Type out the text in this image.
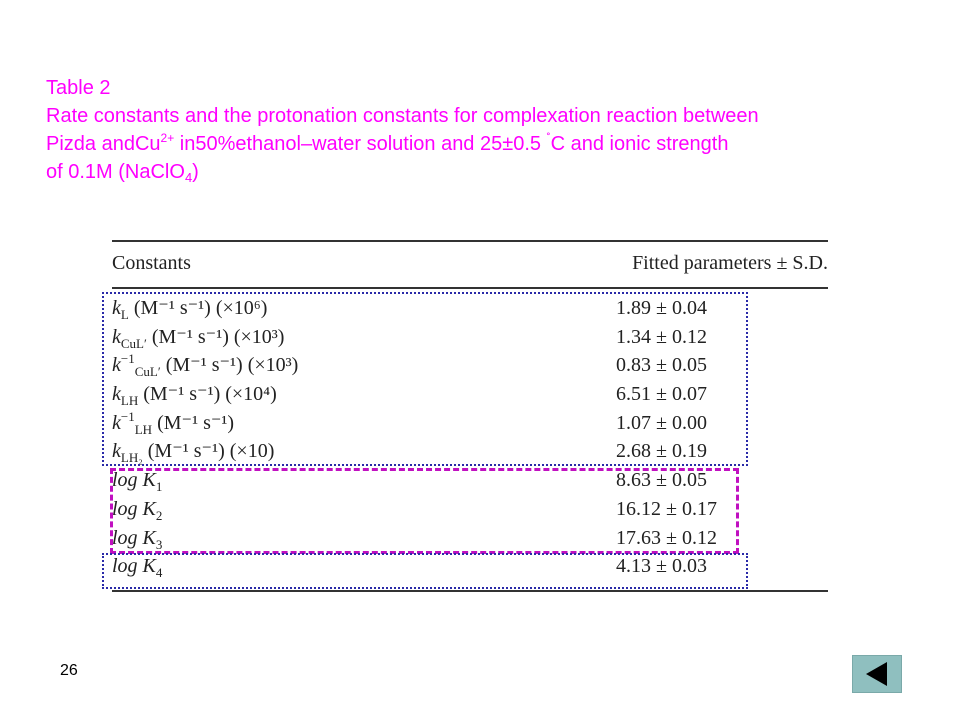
Table 2
Rate constants and the protonation constants for complexation reaction between
Pizda andCu$^{2+}$ in50%ethanol–water solution and 25±0.5 ˚C and ionic strength
of 0.1M (NaClO$_4$)
Constants	Fitted parameters ± S.D.
$k_L$ (M⁻¹ s⁻¹) (×10⁶)	1.89 ± 0.04
$k_{CuL'}$ (M⁻¹ s⁻¹) (×10³)	1.34 ± 0.12
$k^{-1}_{CuL'}$ (M⁻¹ s⁻¹) (×10³)	0.83 ± 0.05
$k_{LH}$ (M⁻¹ s⁻¹) (×10⁴)	6.51 ± 0.07
$k^{-1}_{LH}$ (M⁻¹ s⁻¹)	1.07 ± 0.00
$k_{LH_2}$ (M⁻¹ s⁻¹) (×10)	2.68 ± 0.19
$\log K_1$	8.63 ± 0.05
$\log K_2$	16.12 ± 0.17
$\log K_3$	17.63 ± 0.12
$\log K_4$	4.13 ± 0.03
26
